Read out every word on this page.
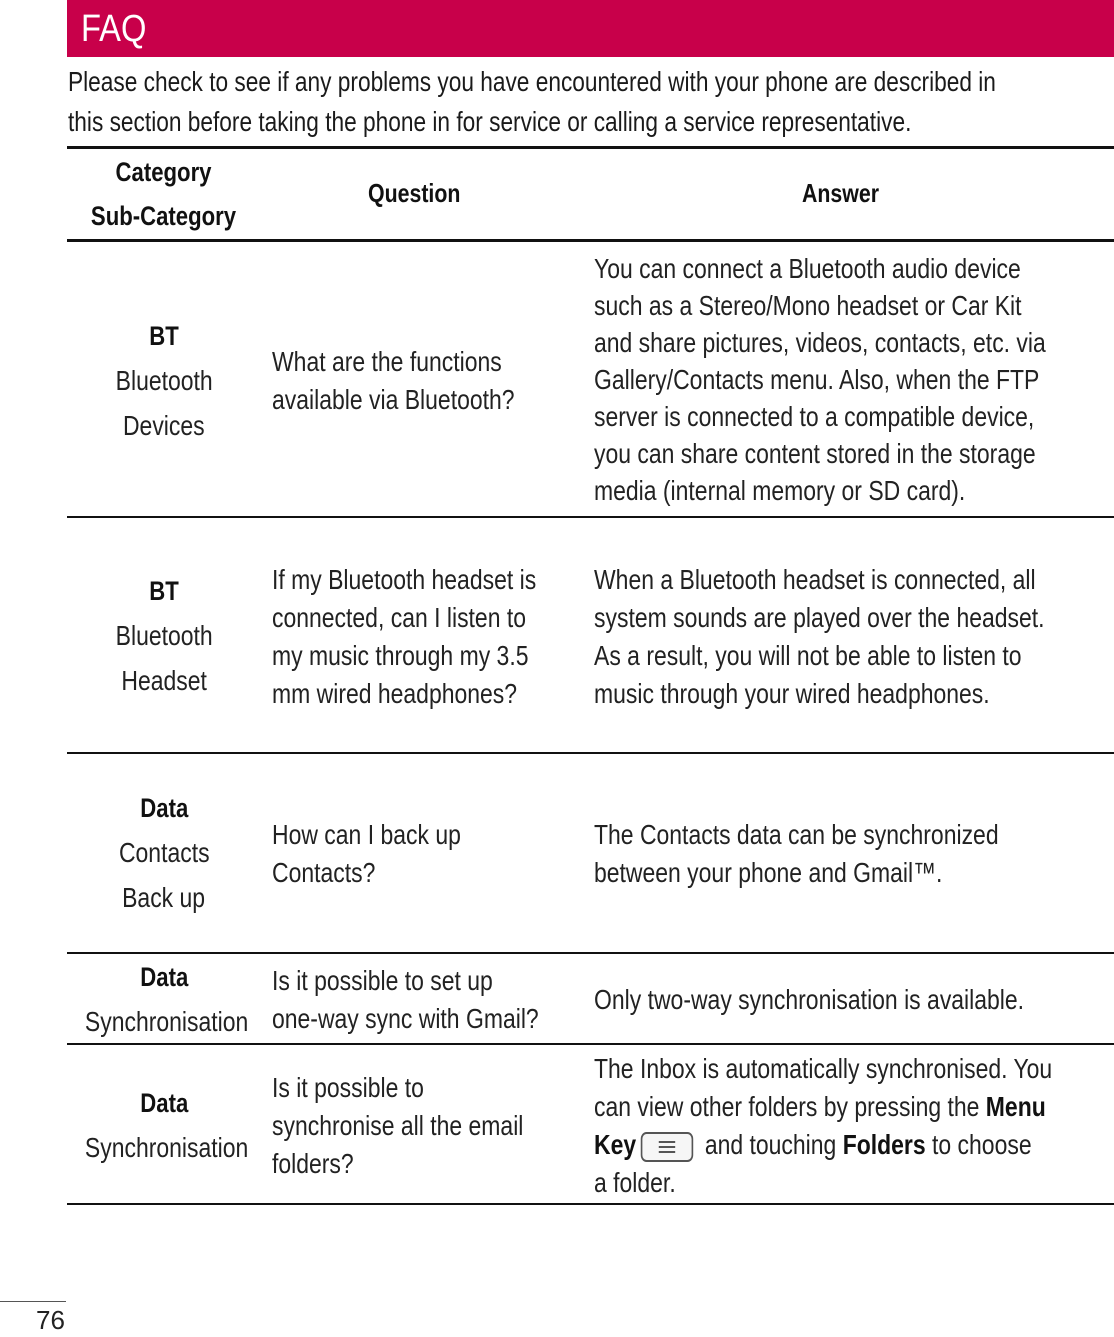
FAQ
Please check to see if any problems you have encountered with your phone are described in
this section before taking the phone in for service or calling a service representative.
Category
Sub-Category
Question	Answer
BT
Bluetooth
Devices
What are the functions
available via Bluetooth?
You can connect a Bluetooth audio device
such as a Stereo/Mono headset or Car Kit
and share pictures, videos, contacts, etc. via
Gallery/Contacts menu. Also, when the FTP
server is connected to a compatible device,
you can share content stored in the storage
media (internal memory or SD card).
BT
Bluetooth
Headset
If my Bluetooth headset is
connected, can I listen to
my music through my 3.5
mm wired headphones?
When a Bluetooth headset is connected, all
system sounds are played over the headset.
As a result, you will not be able to listen to
music through your wired headphones.
Data
Contacts
Back up
How can I back up
Contacts?
The Contacts data can be synchronized
between your phone and Gmail™.
Data
Synchronisation
Is it possible to set up
one-way sync with Gmail?
Only two-way synchronisation is available.
Data
Synchronisation
Is it possible to
synchronise all the email
folders?
The Inbox is automatically synchronised. You
can view other folders by pressing the Menu
Key
and touching Folders to choose
a folder.
76
